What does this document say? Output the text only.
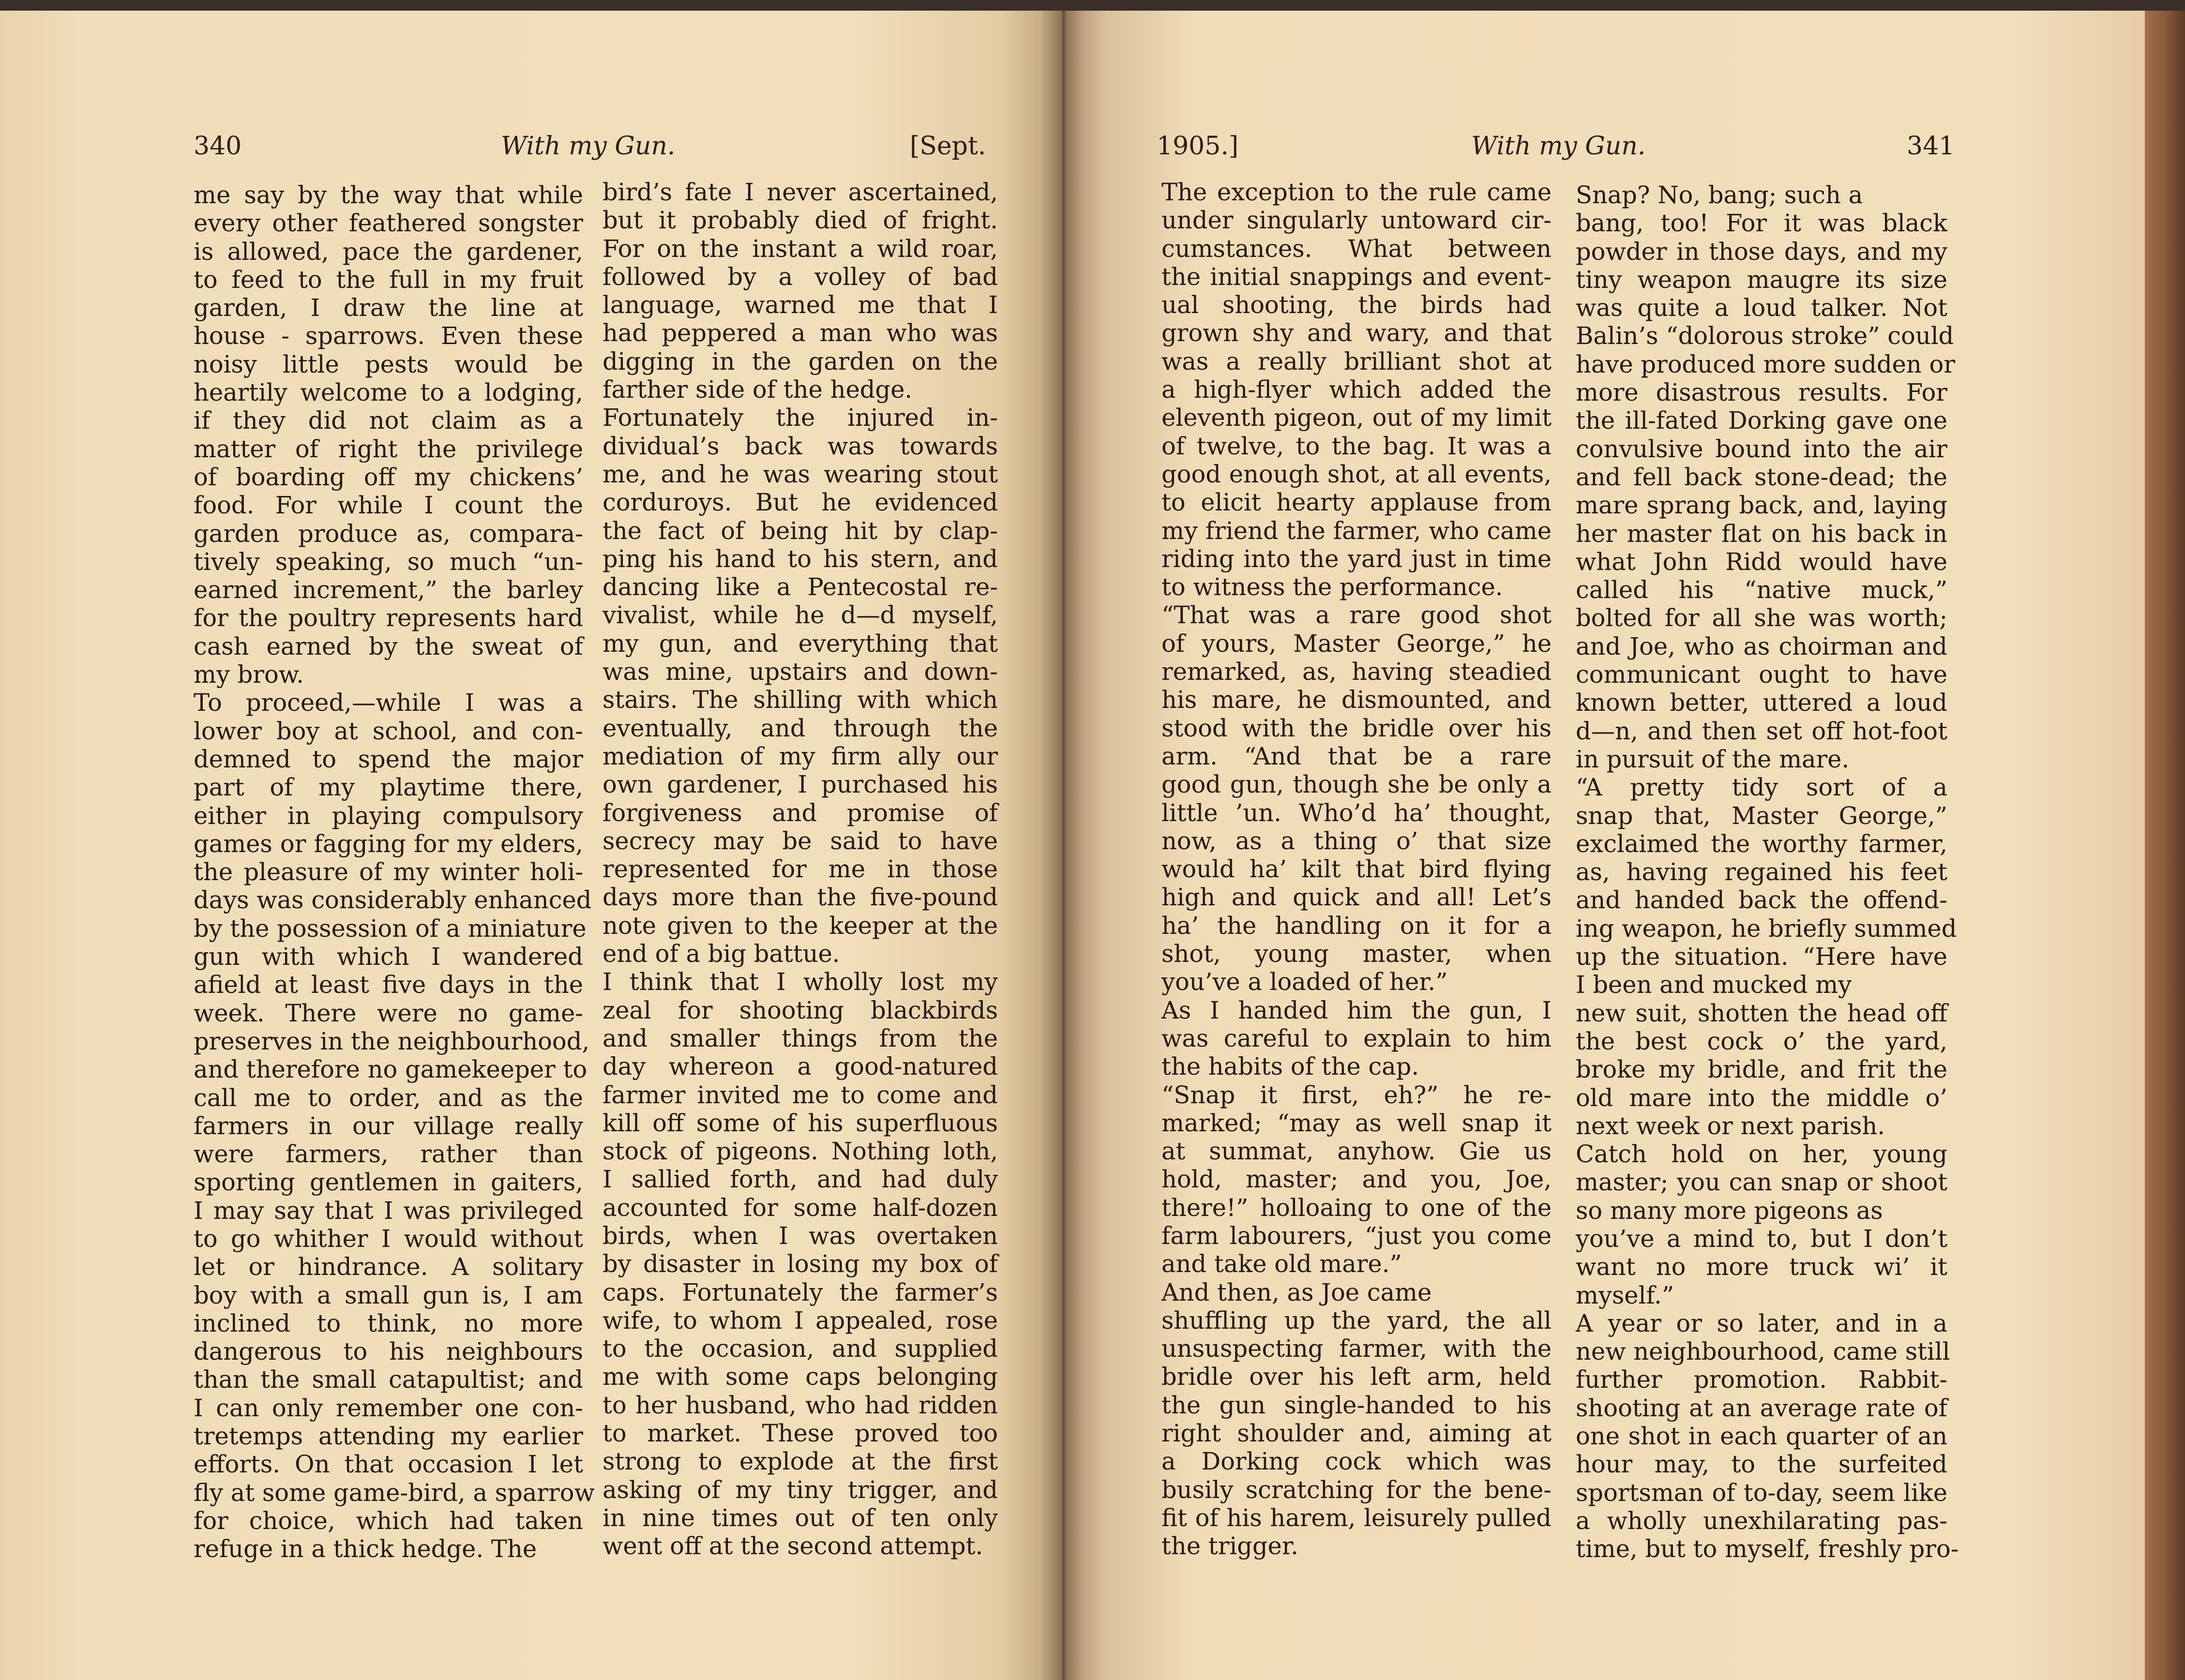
340	With my Gun.	[Sept.

me say by the way that while

every other feathered songster

is allowed, pace the gardener,

to feed to the full in my fruit

garden, I draw the line at

house - sparrows. Even these

noisy little pests would be

heartily welcome to a lodging,

if they did not claim as a

matter of right the privilege

of boarding off my chickens’

food. For while I count the

garden produce as, compara-

tively speaking, so much “un-

earned increment,” the barley

for the poultry represents hard

cash earned by the sweat of

my brow.

To proceed,—while I was a

lower boy at school, and con-

demned to spend the major

part of my playtime there,

either in playing compulsory

games or fagging for my elders,

the pleasure of my winter holi-

days was considerably enhanced

by the possession of a miniature

gun with which I wandered

afield at least five days in the

week. There were no game-

preserves in the neighbourhood,

and therefore no gamekeeper to

call me to order, and as the

farmers in our village really

were farmers, rather than

sporting gentlemen in gaiters,

I may say that I was privileged

to go whither I would without

let or hindrance. A solitary

boy with a small gun is, I am

inclined to think, no more

dangerous to his neighbours

than the small catapultist; and

I can only remember one con-

tretemps attending my earlier

efforts. On that occasion I let

fly at some game-bird, a sparrow

for choice, which had taken

refuge in a thick hedge. The

bird’s fate I never ascertained,

but it probably died of fright.

For on the instant a wild roar,

followed by a volley of bad

language, warned me that I

had peppered a man who was

digging in the garden on the

farther side of the hedge.

Fortunately the injured in-

dividual’s back was towards

me, and he was wearing stout

corduroys. But he evidenced

the fact of being hit by clap-

ping his hand to his stern, and

dancing like a Pentecostal re-

vivalist, while he d—d myself,

my gun, and everything that

was mine, upstairs and down-

stairs. The shilling with which

eventually, and through the

mediation of my firm ally our

own gardener, I purchased his

forgiveness and promise of

secrecy may be said to have

represented for me in those

days more than the five-pound

note given to the keeper at the

end of a big battue.

I think that I wholly lost my

zeal for shooting blackbirds

and smaller things from the

day whereon a good-natured

farmer invited me to come and

kill off some of his superfluous

stock of pigeons. Nothing loth,

I sallied forth, and had duly

accounted for some half-dozen

birds, when I was overtaken

by disaster in losing my box of

caps. Fortunately the farmer’s

wife, to whom I appealed, rose

to the occasion, and supplied

me with some caps belonging

to her husband, who had ridden

to market. These proved too

strong to explode at the first

asking of my tiny trigger, and

in nine times out of ten only

went off at the second attempt.

1905.]	With my Gun.	341

The exception to the rule came

under singularly untoward cir-

cumstances. What between

the initial snappings and event-

ual shooting, the birds had

grown shy and wary, and that

was a really brilliant shot at

a high-flyer which added the

eleventh pigeon, out of my limit

of twelve, to the bag. It was a

good enough shot, at all events,

to elicit hearty applause from

my friend the farmer, who came

riding into the yard just in time

to witness the performance.

“That was a rare good shot

of yours, Master George,” he

remarked, as, having steadied

his mare, he dismounted, and

stood with the bridle over his

arm. “And that be a rare

good gun, though she be only a

little ’un. Who’d ha’ thought,

now, as a thing o’ that size

would ha’ kilt that bird flying

high and quick and all! Let’s

ha’ the handling on it for a

shot, young master, when

you’ve a loaded of her.”

As I handed him the gun, I

was careful to explain to him

the habits of the cap.

“Snap it first, eh?” he re-

marked; “may as well snap it

at summat, anyhow. Gie us

hold, master; and you, Joe,

there!” holloaing to one of the

farm labourers, “just you come

and take old mare.”

And then, as Joe came

shuffling up the yard, the all

unsuspecting farmer, with the

bridle over his left arm, held

the gun single-handed to his

right shoulder and, aiming at

a Dorking cock which was

busily scratching for the bene-

fit of his harem, leisurely pulled

the trigger.

Snap? No, bang; such a

bang, too! For it was black

powder in those days, and my

tiny weapon maugre its size

was quite a loud talker. Not

Balin’s “dolorous stroke” could

have produced more sudden or

more disastrous results. For

the ill-fated Dorking gave one

convulsive bound into the air

and fell back stone-dead; the

mare sprang back, and, laying

her master flat on his back in

what John Ridd would have

called his “native muck,”

bolted for all she was worth;

and Joe, who as choirman and

communicant ought to have

known better, uttered a loud

d—n, and then set off hot-foot

in pursuit of the mare.

“A pretty tidy sort of a

snap that, Master George,”

exclaimed the worthy farmer,

as, having regained his feet

and handed back the offend-

ing weapon, he briefly summed

up the situation. “Here have

I been and mucked my

new suit, shotten the head off

the best cock o’ the yard,

broke my bridle, and frit the

old mare into the middle o’

next week or next parish.

Catch hold on her, young

master; you can snap or shoot

so many more pigeons as

you’ve a mind to, but I don’t

want no more truck wi’ it

myself.”

A year or so later, and in a

new neighbourhood, came still

further promotion. Rabbit-

shooting at an average rate of

one shot in each quarter of an

hour may, to the surfeited

sportsman of to-day, seem like

a wholly unexhilarating pas-

time, but to myself, freshly pro-
